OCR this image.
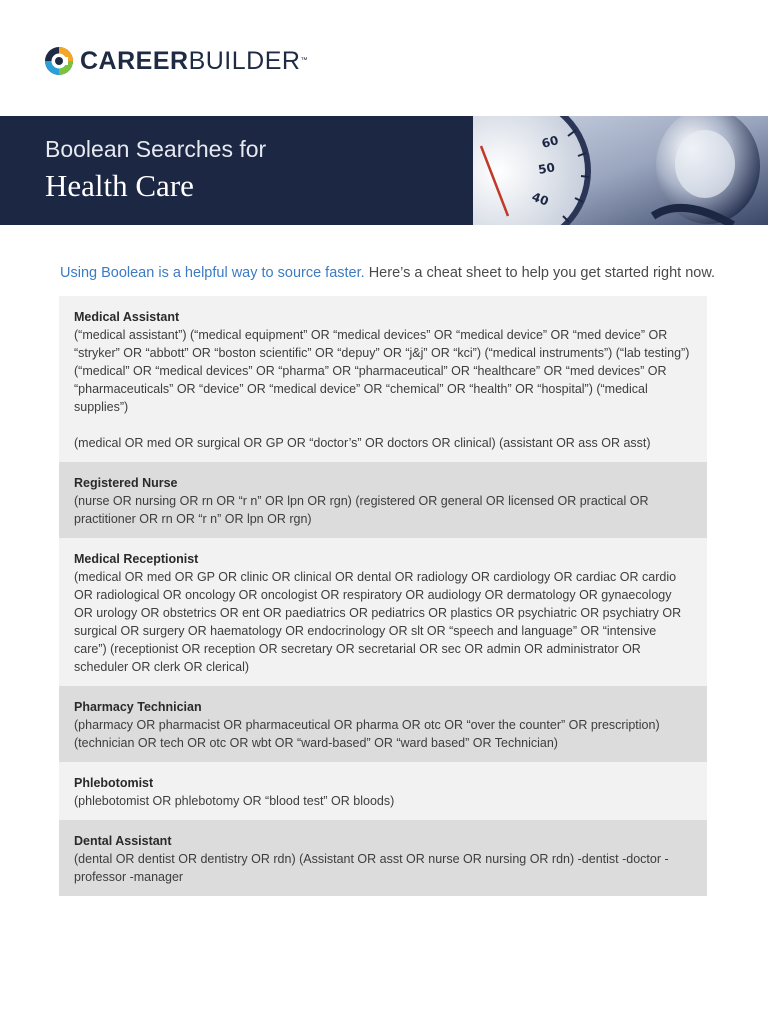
CAREERBUILDER™
Boolean Searches for
Health Care
60
50
40
Using Boolean is a helpful way to source faster. Here’s a cheat sheet to help you get started right now.
Medical Assistant
(“medical assistant”) (“medical equipment” OR “medical devices” OR “medical device” OR “med device” OR “stryker” OR “abbott” OR “boston scientific” OR “depuy” OR “j&j” OR “kci”) (“medical instruments”) (“lab testing”) (“medical” OR “medical devices” OR “pharma” OR “pharmaceutical” OR “healthcare” OR “med devices” OR “pharmaceuticals” OR “device” OR “medical device” OR “chemical” OR “health” OR “hospital”) (“medical supplies”)
(medical OR med OR surgical OR GP OR “doctor’s” OR doctors OR clinical) (assistant OR ass OR asst)
Registered Nurse
(nurse OR nursing OR rn OR “r n” OR lpn OR rgn) (registered OR general OR licensed OR practical OR practitioner OR rn OR “r n” OR lpn OR rgn)
Medical Receptionist
(medical OR med OR GP OR clinic OR clinical OR dental OR radiology OR cardiology OR cardiac OR cardio OR radiological OR oncology OR oncologist OR respiratory OR audiology OR dermatology OR gynaecology OR urology OR obstetrics OR ent OR paediatrics OR pediatrics OR plastics OR psychiatric OR psychiatry OR surgical OR surgery OR haematology OR endocrinology OR slt OR “speech and language” OR “intensive care”) (receptionist OR reception OR secretary OR secretarial OR sec OR admin OR administrator OR scheduler OR clerk OR clerical)
Pharmacy Technician
(pharmacy OR pharmacist OR pharmaceutical OR pharma OR otc OR “over the counter” OR prescription) (technician OR tech OR otc OR wbt OR “ward-based” OR “ward based” OR Technician)
Phlebotomist
(phlebotomist OR phlebotomy OR “blood test” OR bloods)
Dental Assistant
(dental OR dentist OR dentistry OR rdn) (Assistant OR asst OR nurse OR nursing OR rdn) -dentist -doctor -professor -manager
